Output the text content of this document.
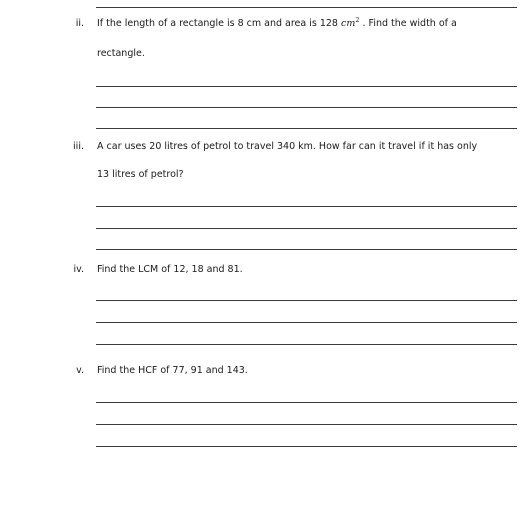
ii. If the length of a rectangle is 8 cm and area is 128 $cm^2$ . Find the width of a
rectangle.
iii. A car uses 20 litres of petrol to travel 340 km. How far can it travel if it has only
13 litres of petrol?
iv. Find the LCM of 12, 18 and 81.
v. Find the HCF of 77, 91 and 143.
